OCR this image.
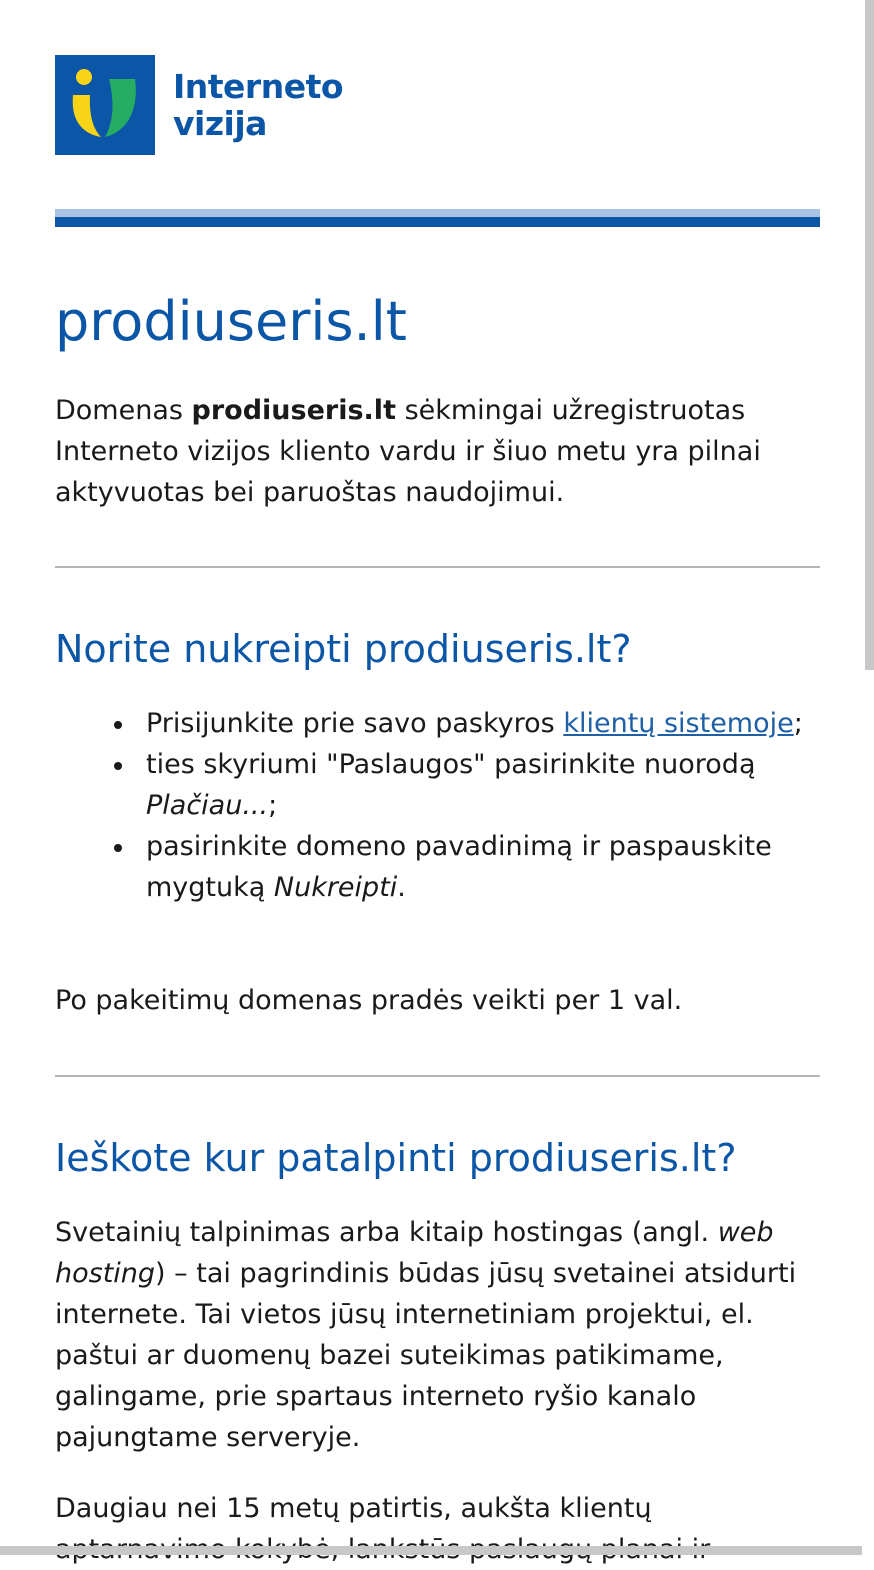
Interneto
vizija
prodiuseris.lt

Domenas prodiuseris.lt sėkmingai užregistruotas Interneto vizijos kliento vardu ir šiuo metu yra pilnai aktyvuotas bei paruoštas naudojimui.

Norite nukreipti prodiuseris.lt?
Prisijunkite prie savo paskyros klientų sistemoje;
ties skyriumi "Paslaugos" pasirinkite nuorodą Plačiau...;
pasirinkite domeno pavadinimą ir paspauskite mygtuką Nukreipti.

Po pakeitimų domenas pradės veikti per 1 val.

Ieškote kur patalpinti prodiuseris.lt?

Svetainių talpinimas arba kitaip hostingas (angl. web hosting) – tai pagrindinis būdas jūsų svetainei atsidurti internete. Tai vietos jūsų internetiniam projektui, el. paštui ar duomenų bazei suteikimas patikimame, galingame, prie spartaus interneto ryšio kanalo pajungtame serveryje.

Daugiau nei 15 metų patirtis, aukšta klientų
